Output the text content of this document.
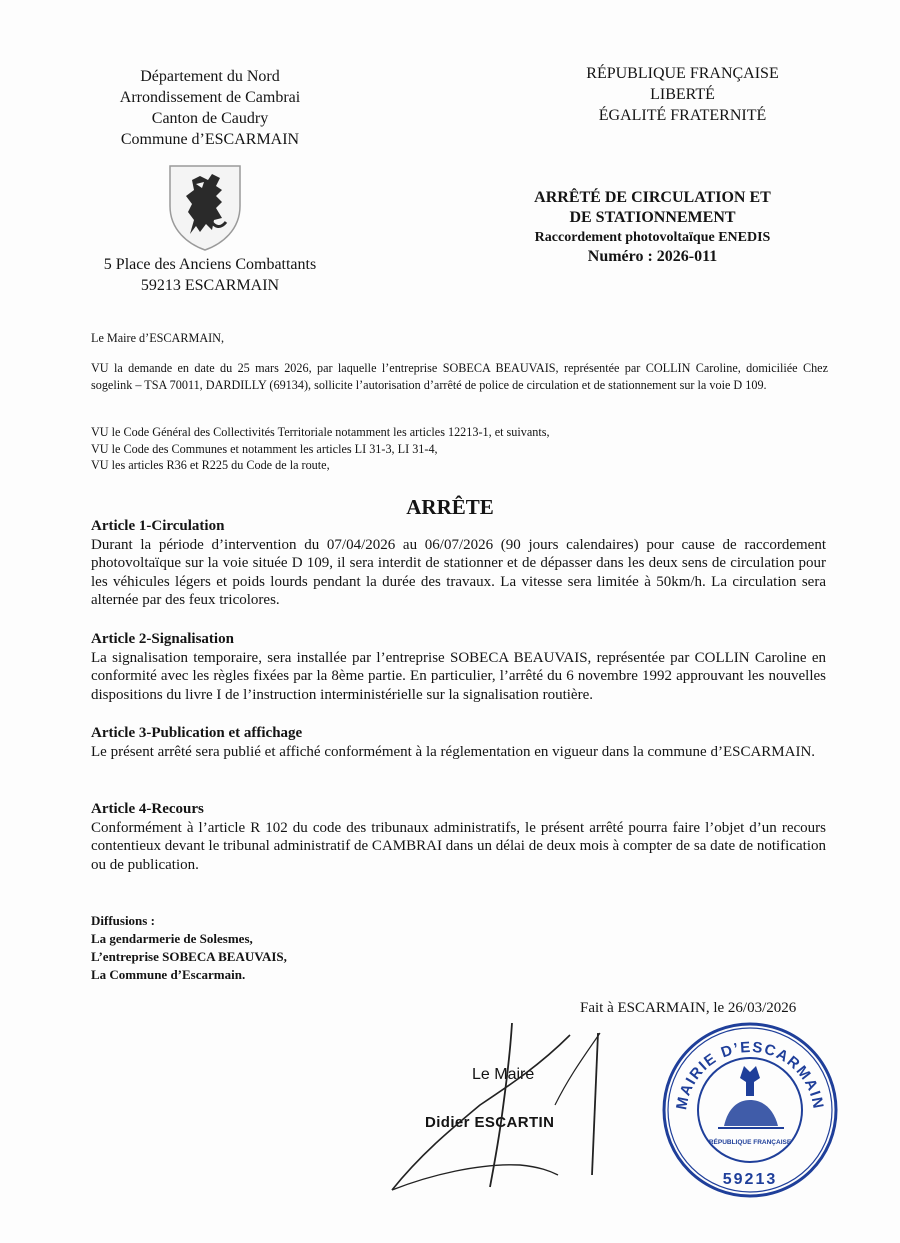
Département du Nord
Arrondissement de Cambrai
Canton de Caudry
Commune d’ESCARMAIN
5 Place des Anciens Combattants
59213 ESCARMAIN
RÉPUBLIQUE FRANÇAISE
LIBERTÉ
ÉGALITÉ FRATERNITÉ
ARRÊTÉ DE CIRCULATION ET
DE STATIONNEMENT
Raccordement photovoltaïque ENEDIS
Numéro : 2026-011
Le Maire d’ESCARMAIN,
VU la demande en date du 25 mars 2026, par laquelle l’entreprise SOBECA BEAUVAIS, représentée par COLLIN Caroline, domiciliée Chez sogelink – TSA 70011, DARDILLY (69134), sollicite l’autorisation d’arrêté de police de circulation et de stationnement sur la voie D 109.
VU le Code Général des Collectivités Territoriale notamment les articles 12213-1, et suivants,
VU le Code des Communes et notamment les articles LI 31-3, LI 31-4,
VU les articles R36 et R225 du Code de la route,
ARRÊTE
Article 1-Circulation
Durant la période d’intervention du 07/04/2026 au 06/07/2026 (90 jours calendaires) pour cause de raccordement photovoltaïque sur la voie située D 109, il sera interdit de stationner et de dépasser dans les deux sens de circulation pour les véhicules légers et poids lourds pendant la durée des travaux. La vitesse sera limitée à 50km/h. La circulation sera alternée par des feux tricolores.
Article 2-Signalisation
La signalisation temporaire, sera installée par l’entreprise SOBECA BEAUVAIS, représentée par COLLIN Caroline en conformité avec les règles fixées par la 8ème partie. En particulier, l’arrêté du 6 novembre 1992 approuvant les nouvelles dispositions du livre I de l’instruction interministérielle sur la signalisation routière.
Article 3-Publication et affichage
Le présent arrêté sera publié et affiché conformément à la réglementation en vigueur dans la commune d’ESCARMAIN.
Article 4-Recours
Conformément à l’article R 102 du code des tribunaux administratifs, le présent arrêté pourra faire l’objet d’un recours contentieux devant le tribunal administratif de CAMBRAI dans un délai de deux mois à compter de sa date de notification ou de publication.
Diffusions :
La gendarmerie de Solesmes,
L’entreprise SOBECA BEAUVAIS,
La Commune d’Escarmain.
Fait à ESCARMAIN, le 26/03/2026
Le Maire
Didier ESCARTIN
MAIRIE D’ESCARMAIN
RÉPUBLIQUE FRANÇAISE
59213
